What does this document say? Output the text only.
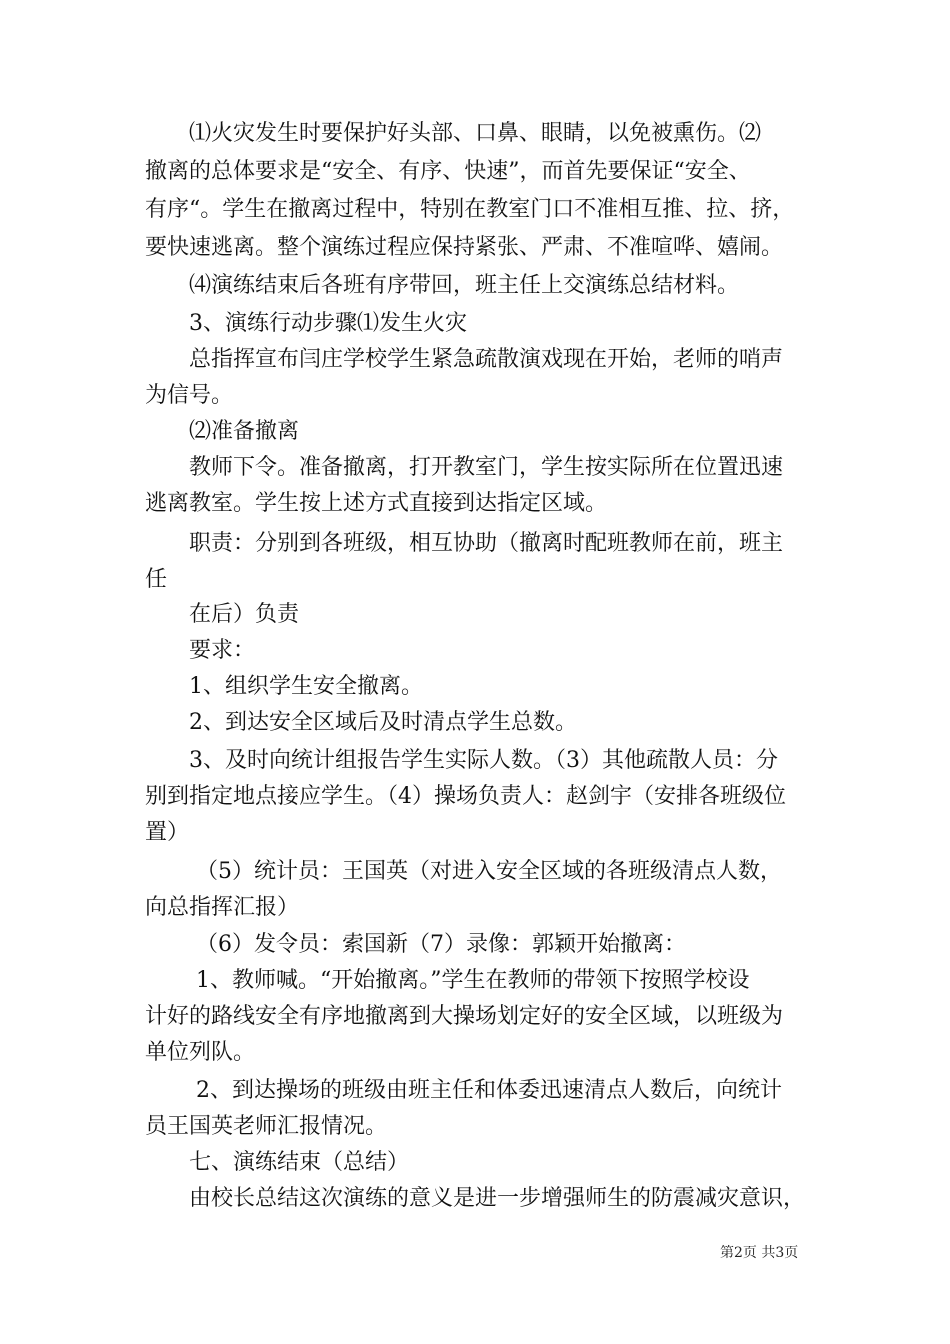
　　⑴火灾发生时要保护好头部、口鼻、眼睛，以免被熏伤。⑵

撤离的总体要求是“安全、有序、快速”，而首先要保证“安全、

有序“。学生在撤离过程中，特别在教室门口不准相互推、拉、挤，

要快速逃离。整个演练过程应保持紧张、严肃、不准喧哗、嬉闹。

　　⑷演练结束后各班有序带回，班主任上交演练总结材料。

　　3、演练行动步骤⑴发生火灾

　　总指挥宣布闫庄学校学生紧急疏散演戏现在开始，老师的哨声

为信号。

　　⑵准备撤离

　　教师下令。准备撤离，打开教室门，学生按实际所在位置迅速

逃离教室。学生按上述方式直接到达指定区域。

　　职责：分别到各班级，相互协助（撤离时配班教师在前，班主

任

　　在后）负责

　　要求：

　　1、组织学生安全撤离。

　　2、到达安全区域后及时清点学生总数。

　　3、及时向统计组报告学生实际人数。（3）其他疏散人员：分

别到指定地点接应学生。（4）操场负责人：赵剑宇（安排各班级位

置）

　　 （5）统计员：王国英（对进入安全区域的各班级清点人数，

向总指挥汇报）

　　 （6）发令员：索国新（7）录像：郭颖开始撤离：

　　 1、教师喊。“开始撤离。”学生在教师的带领下按照学校设

计好的路线安全有序地撤离到大操场划定好的安全区域，以班级为

单位列队。

　　 2、到达操场的班级由班主任和体委迅速清点人数后，向统计

员王国英老师汇报情况。

　　七、演练结束（总结）

　　由校长总结这次演练的意义是进一步增强师生的防震减灾意识，

第2页 共3页
